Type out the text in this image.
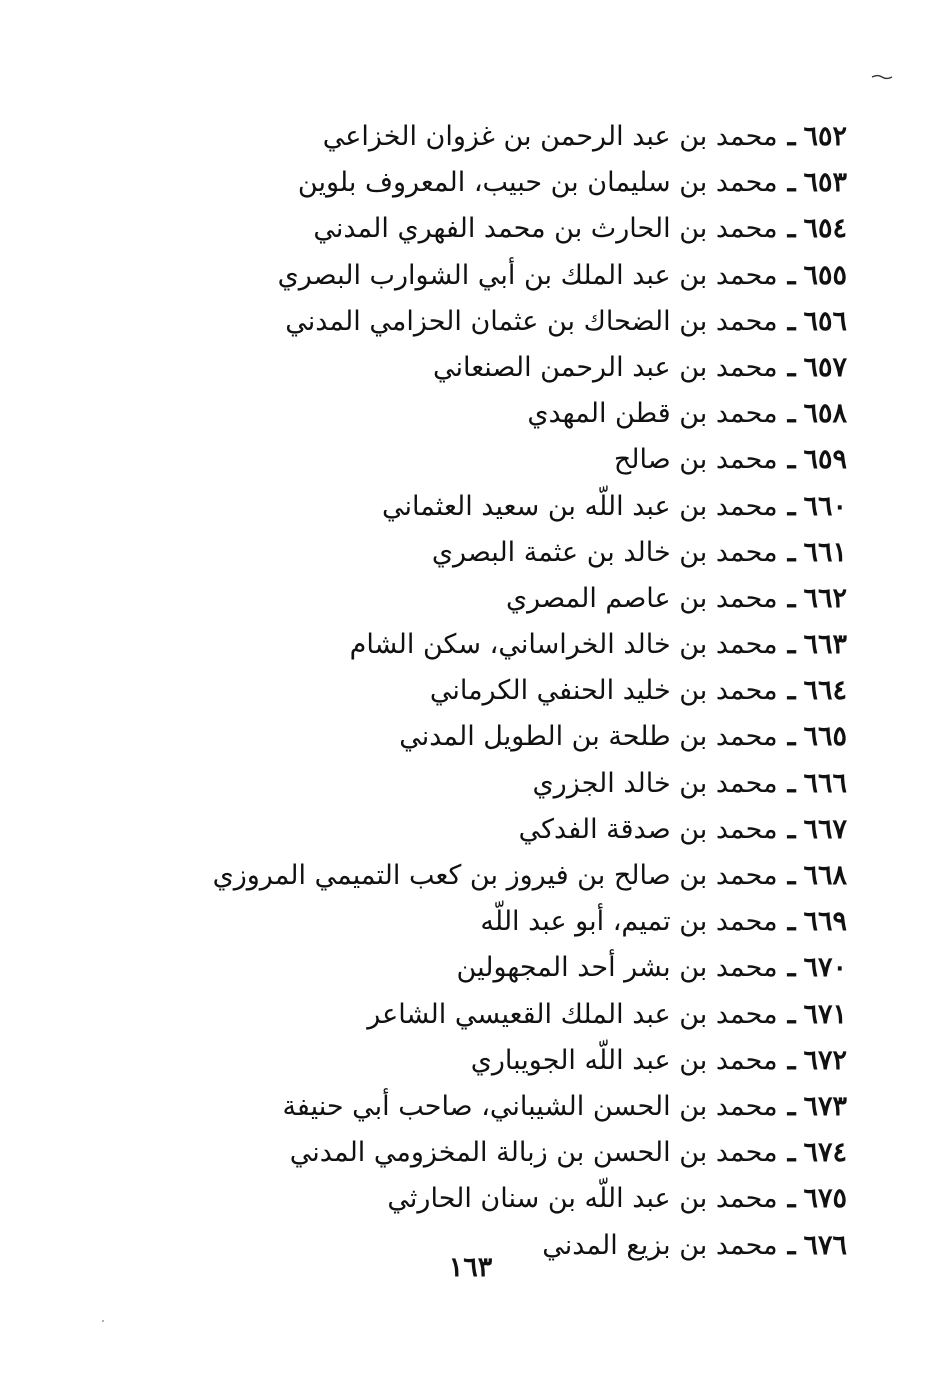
٦٥٢ـمحمد بن عبد الرحمن بن غزوان الخزاعي
٦٥٣ـمحمد بن سليمان بن حبيب، المعروف بلوين
٦٥٤ـمحمد بن الحارث بن محمد الفهري المدني
٦٥٥ـمحمد بن عبد الملك بن أبي الشوارب البصري
٦٥٦ـمحمد بن الضحاك بن عثمان الحزامي المدني
٦٥٧ـمحمد بن عبد الرحمن الصنعاني
٦٥٨ـمحمد بن قطن المهدي
٦٥٩ـمحمد بن صالح
٦٦٠ـمحمد بن عبد اللّه بن سعيد العثماني
٦٦١ـمحمد بن خالد بن عثمة البصري
٦٦٢ـمحمد بن عاصم المصري
٦٦٣ـمحمد بن خالد الخراساني، سكن الشام
٦٦٤ـمحمد بن خليد الحنفي الكرماني
٦٦٥ـمحمد بن طلحة بن الطويل المدني
٦٦٦ـمحمد بن خالد الجزري
٦٦٧ـمحمد بن صدقة الفدكي
٦٦٨ـمحمد بن صالح بن فيروز بن كعب التميمي المروزي
٦٦٩ـمحمد بن تميم، أبو عبد اللّه
٦٧٠ـمحمد بن بشر أحد المجهولين
٦٧١ـمحمد بن عبد الملك القعيسي الشاعر
٦٧٢ـمحمد بن عبد اللّه الجويباري
٦٧٣ـمحمد بن الحسن الشيباني، صاحب أبي حنيفة
٦٧٤ـمحمد بن الحسن بن زبالة المخزومي المدني
٦٧٥ـمحمد بن عبد اللّه بن سنان الحارثي
٦٧٦ـمحمد بن بزيع المدني
١٦٣
